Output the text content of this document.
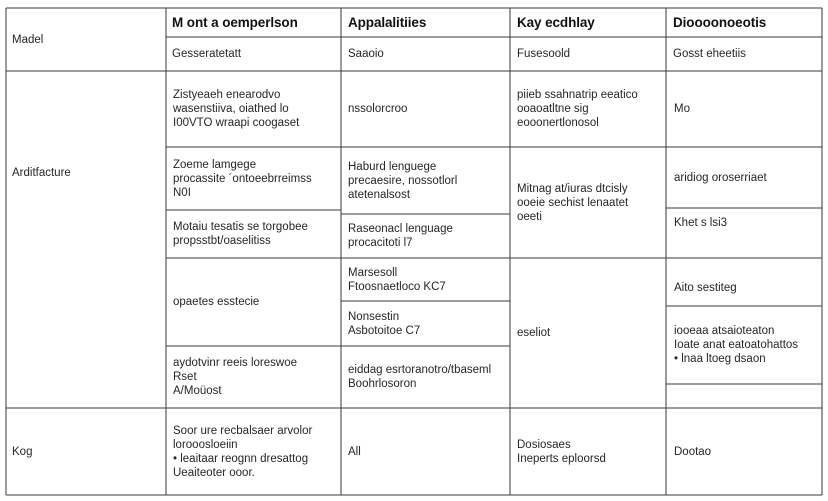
Madel
M ont a oemperlson
Gesseratetatt
Appalalitiies
Saaoio
Kay ecdhlay
Fusesoold
Dioooonoeotis
Gosst eheetiis
Arditfacture
Zistyeaeh enearodvo
wasenstiiva, oiathed lo
I00VTO wraapi coogaset
Zoeme lamgege
procassite ´ontoeebrreimss
N0I
Motaiu tesatis se torgobee
propsstbt/oaselitiss
opaetes esstecie
aydotvinr reeis loreswoe
Rset
A/Moüost
nssolorcroo
Haburd lenguege
precaesire, nossotlorl
atetenalsost
Raseonacl lenguage
procacitoti l7
Marsesoll
Ftoosnaetloco KC7
Nonsestin
Asbotoitoe C7
eiddag esrtoranotro/tbaseml
Boohrlosoron
piieb ssahnatrip eeatico
ooaoatltne sig
eooonertlonosol
Mitnag at/iuras dtcisly
ooeie sechist lenaatet
oeeti
eseliot
Mo
aridiog oroserriaet
Khet s lsi3
Aito sestiteg
iooeaa atsaioteaton
Ioate anat eatoatohattos
• lnaa ltoeg dsaon
Kog
Soor ure recbalsaer arvolor
lorooosloeiin
• leaitaar reognn dresattog
Ueaiteoter ooor.
All
Dosiosaes
Ineperts eploorsd
Dootao
